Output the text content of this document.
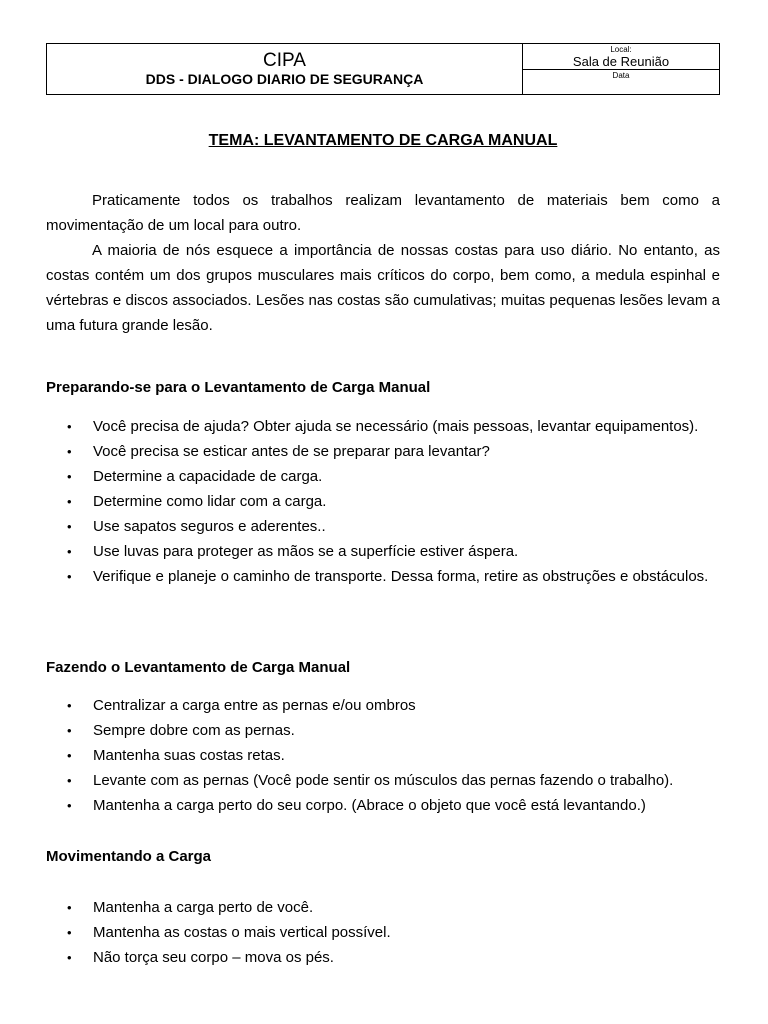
CIPA
DDS - DIALOGO DIARIO DE SEGURANÇA
Local:
Sala de Reunião
Data
TEMA: LEVANTAMENTO DE CARGA MANUAL

Praticamente todos os trabalhos realizam levantamento de materiais bem como a movimentação de um local para outro.

A maioria de nós esquece a importância de nossas costas para uso diário. No entanto, as costas contém um dos grupos musculares mais críticos do corpo, bem como, a medula espinhal e vértebras e discos associados. Lesões nas costas são cumulativas; muitas pequenas lesões levam a uma futura grande lesão.

Preparando-se para o Levantamento de Carga Manual
• Você precisa de ajuda? Obter ajuda se necessário (mais pessoas, levantar equipamentos).
• Você precisa se esticar antes de se preparar para levantar?
• Determine a capacidade de carga.
• Determine como lidar com a carga.
• Use sapatos seguros e aderentes..
• Use luvas para proteger as mãos se a superfície estiver áspera.
• Verifique e planeje o caminho de transporte. Dessa forma, retire as obstruções e obstáculos.
Fazendo o Levantamento de Carga Manual
• Centralizar a carga entre as pernas e/ou ombros
• Sempre dobre com as pernas.
• Mantenha suas costas retas.
• Levante com as pernas (Você pode sentir os músculos das pernas fazendo o trabalho).
• Mantenha a carga perto do seu corpo. (Abrace o objeto que você está levantando.)
Movimentando a Carga
• Mantenha a carga perto de você.
• Mantenha as costas o mais vertical possível.
• Não torça seu corpo – mova os pés.
